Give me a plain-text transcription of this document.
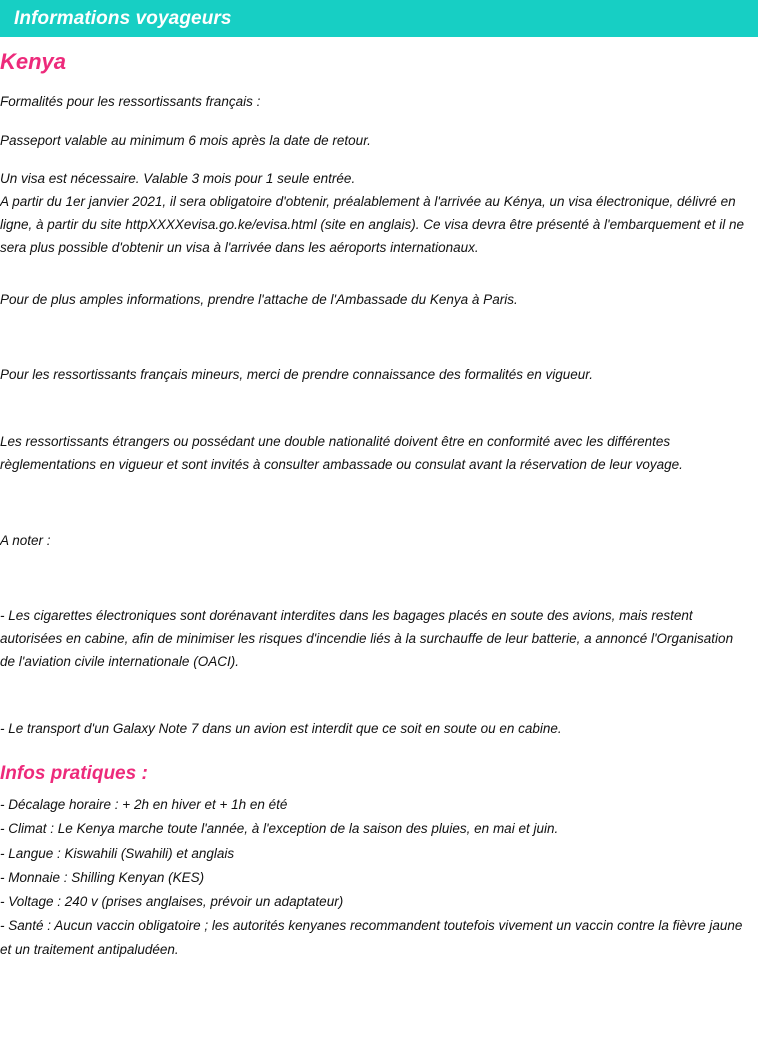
Informations voyageurs
Kenya

Formalités pour les ressortissants français :

Passeport valable au minimum 6 mois après la date de retour.

Un visa est nécessaire. Valable 3 mois pour 1 seule entrée.

A partir du 1er janvier 2021, il sera obligatoire d'obtenir, préalablement à l'arrivée au Kénya, un visa électronique, délivré en ligne, à partir du site httpXXXXevisa.go.ke/evisa.html (site en anglais). Ce visa devra être présenté à l'embarquement et il ne sera plus possible d'obtenir un visa à l'arrivée dans les aéroports internationaux.

Pour de plus amples informations, prendre l'attache de l'Ambassade du Kenya à Paris.

Pour les ressortissants français mineurs, merci de prendre connaissance des formalités en vigueur.

Les ressortissants étrangers ou possédant une double nationalité doivent être en conformité avec les différentes règlementations en vigueur et sont invités à consulter ambassade ou consulat avant la réservation de leur voyage.

A noter :

- Les cigarettes électroniques sont dorénavant interdites dans les bagages placés en soute des avions, mais restent autorisées en cabine, afin de minimiser les risques d'incendie liés à la surchauffe de leur batterie, a annoncé l'Organisation de l'aviation civile internationale (OACI).

- Le transport d'un Galaxy Note 7 dans un avion est interdit que ce soit en soute ou en cabine.

Infos pratiques :
- Décalage horaire : + 2h en hiver et + 1h en été
- Climat : Le Kenya marche toute l'année, à l'exception de la saison des pluies, en mai et juin.
- Langue : Kiswahili (Swahili) et anglais
- Monnaie : Shilling Kenyan (KES)
- Voltage : 240 v (prises anglaises, prévoir un adaptateur)
- Santé : Aucun vaccin obligatoire ; les autorités kenyanes recommandent toutefois vivement un vaccin contre la fièvre jaune et un traitement antipaludéen.
